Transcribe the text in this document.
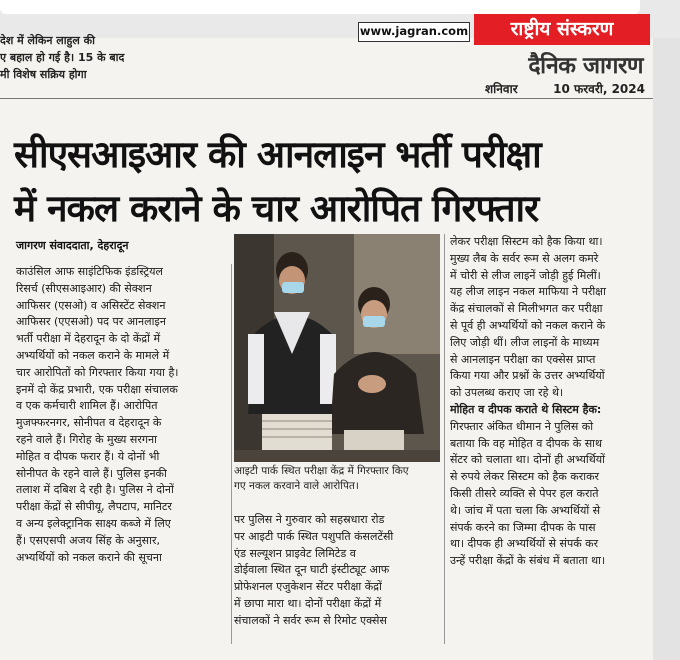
देश में लेकिन लाहुल की
ए बहाल हो गई है। 15 के बाद
मी विशेष सक्रिय होगा
www.jagran.com	राष्ट्रीय संस्करण
दैनिक जागरण
शनिवार	10 फरवरी, 2024
सीएसआइआर की आनलाइन भर्ती परीक्षा
में नकल कराने के चार आरोपित गिरफ्तार
जागरण संवाददाता, देहरादून
काउंसिल आफ साइंटिफिक इंडस्ट्रियल
रिसर्च (सीएसआइआर) की सेक्शन
आफिसर (एसओ) व असिस्टेंट सेक्शन
आफिसर (एएसओ) पद पर आनलाइन
भर्ती परीक्षा में देहरादून के दो केंद्रों में
अभ्यर्थियों को नकल कराने के मामले में
चार आरोपितों को गिरफ्तार किया गया है।
इनमें दो केंद्र प्रभारी, एक परीक्षा संचालक
व एक कर्मचारी शामिल हैं। आरोपित
मुजफ्फरनगर, सोनीपत व देहरादून के
रहने वाले हैं। गिरोह के मुख्य सरगना
मोहित व दीपक फरार हैं। ये दोनों भी
सोनीपत के रहने वाले हैं। पुलिस इनकी
तलाश में दबिश दे रही है। पुलिस ने दोनों
परीक्षा केंद्रों से सीपीयू, लैपटाप, मानिटर
व अन्य इलेक्ट्रानिक साक्ष्य कब्जे में लिए
हैं। एसएसपी अजय सिंह के अनुसार,
अभ्यर्थियों को नकल कराने की सूचना
आइटी पार्क स्थित परीक्षा केंद्र में गिरफ्तार किए
गए नकल करवाने वाले आरोपित।
पर पुलिस ने गुरुवार को सहस्रधारा रोड
पर आइटी पार्क स्थित पशुपति कंसलटेंसी
एंड सल्यूशन प्राइवेट लिमिटेड व
डोईवाला स्थित दून घाटी इंस्टीट्यूट आफ
प्रोफेशनल एजुकेशन सेंटर परीक्षा केंद्रों
में छापा मारा था। दोनों परीक्षा केंद्रों में
संचालकों ने सर्वर रूम से रिमोट एक्सेस
लेकर परीक्षा सिस्टम को हैक किया था।
मुख्य लैब के सर्वर रूम से अलग कमरे
में चोरी से लीज लाइनें जोड़ी हुई मिलीं।
यह लीज लाइन नकल माफिया ने परीक्षा
केंद्र संचालकों से मिलीभगत कर परीक्षा
से पूर्व ही अभ्यर्थियों को नकल कराने के
लिए जोड़ी थीं। लीज लाइनों के माध्यम
से आनलाइन परीक्षा का एक्सेस प्राप्त
किया गया और प्रश्नों के उत्तर अभ्यर्थियों
को उपलब्ध कराए जा रहे थे।
मोहित व दीपक कराते थे सिस्टम हैक:
गिरफ्तार अंकित धीमान ने पुलिस को
बताया कि वह मोहित व दीपक के साथ
सेंटर को चलाता था। दोनों ही अभ्यर्थियों
से रुपये लेकर सिस्टम को हैक कराकर
किसी तीसरे व्यक्ति से पेपर हल कराते
थे। जांच में पता चला कि अभ्यर्थियों से
संपर्क करने का जिम्मा दीपक के पास
था। दीपक ही अभ्यर्थियों से संपर्क कर
उन्हें परीक्षा केंद्रों के संबंध में बताता था।
